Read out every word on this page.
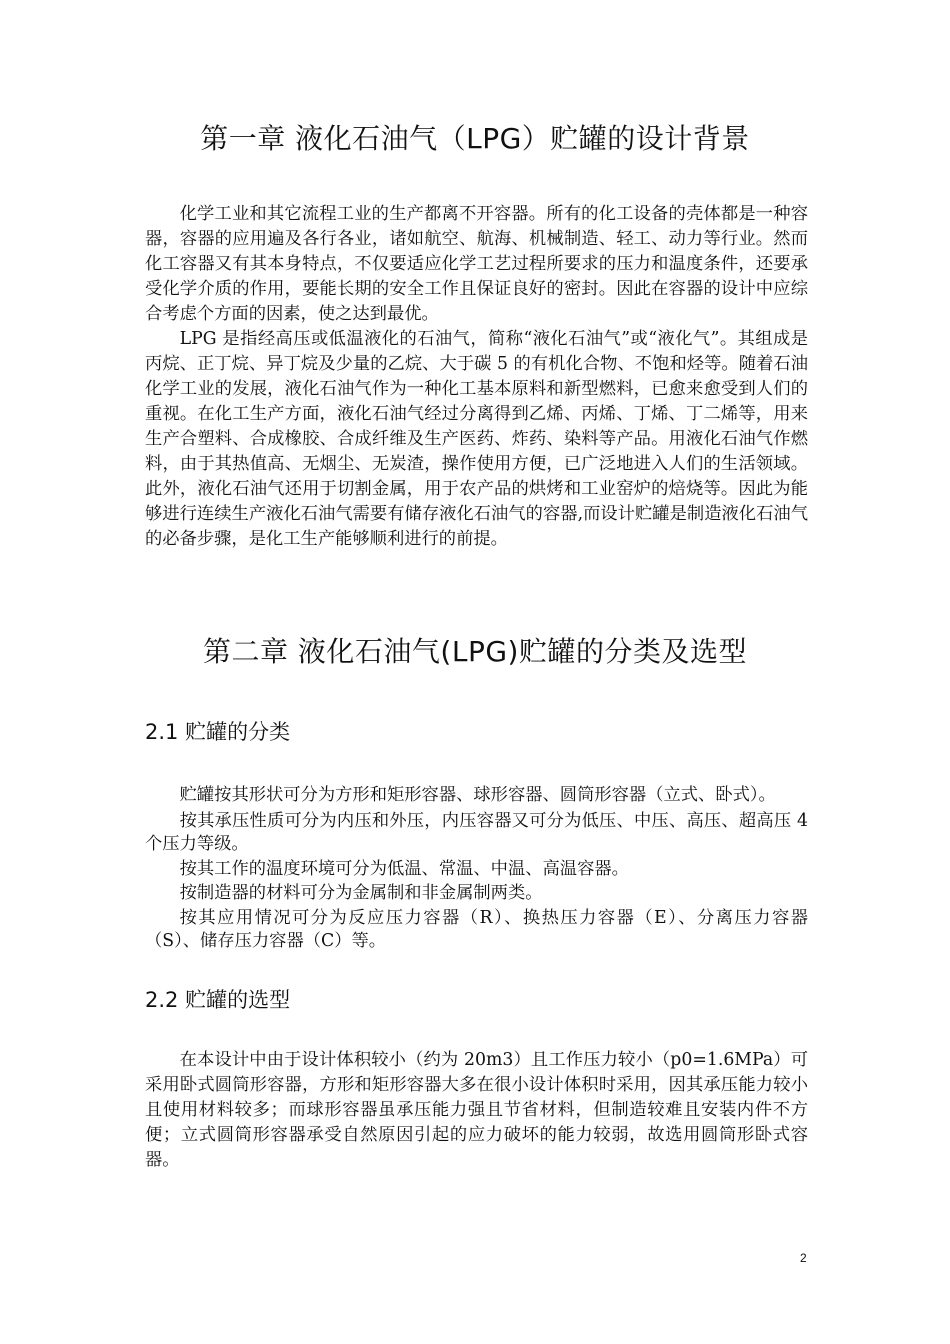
第一章 液化石油气（LPG）贮罐的设计背景

化学工业和其它流程工业的生产都离不开容器。所有的化工设备的壳体都是一种容器，容器的应用遍及各行各业，诸如航空、航海、机械制造、轻工、动力等行业。然而化工容器又有其本身特点，不仅要适应化学工艺过程所要求的压力和温度条件，还要承受化学介质的作用，要能长期的安全工作且保证良好的密封。因此在容器的设计中应综合考虑个方面的因素，使之达到最优。

LPG 是指经高压或低温液化的石油气，简称“液化石油气”或“液化气”。其组成是丙烷、正丁烷、异丁烷及少量的乙烷、大于碳 5 的有机化合物、不饱和烃等。随着石油化学工业的发展，液化石油气作为一种化工基本原料和新型燃料，已愈来愈受到人们的重视。在化工生产方面，液化石油气经过分离得到乙烯、丙烯、丁烯、丁二烯等，用来生产合塑料、合成橡胶、合成纤维及生产医药、炸药、染料等产品。用液化石油气作燃料，由于其热值高、无烟尘、无炭渣，操作使用方便，已广泛地进入人们的生活领域。此外，液化石油气还用于切割金属，用于农产品的烘烤和工业窑炉的焙烧等。因此为能够进行连续生产液化石油气需要有储存液化石油气的容器,而设计贮罐是制造液化石油气的必备步骤，是化工生产能够顺利进行的前提。

第二章 液化石油气(LPG)贮罐的分类及选型
2.1 贮罐的分类

贮罐按其形状可分为方形和矩形容器、球形容器、圆筒形容器（立式、卧式）。

按其承压性质可分为内压和外压，内压容器又可分为低压、中压、高压、超高压 4 个压力等级。

按其工作的温度环境可分为低温、常温、中温、高温容器。

按制造器的材料可分为金属制和非金属制两类。

按其应用情况可分为反应压力容器（R）、换热压力容器（E）、分离压力容器（S）、储存压力容器（C）等。

2.2 贮罐的选型

在本设计中由于设计体积较小（约为 20m3）且工作压力较小（p0=1.6MPa）可采用卧式圆筒形容器，方形和矩形容器大多在很小设计体积时采用，因其承压能力较小且使用材料较多；而球形容器虽承压能力强且节省材料，但制造较难且安装内件不方便；立式圆筒形容器承受自然原因引起的应力破坏的能力较弱，故选用圆筒形卧式容器。

2
